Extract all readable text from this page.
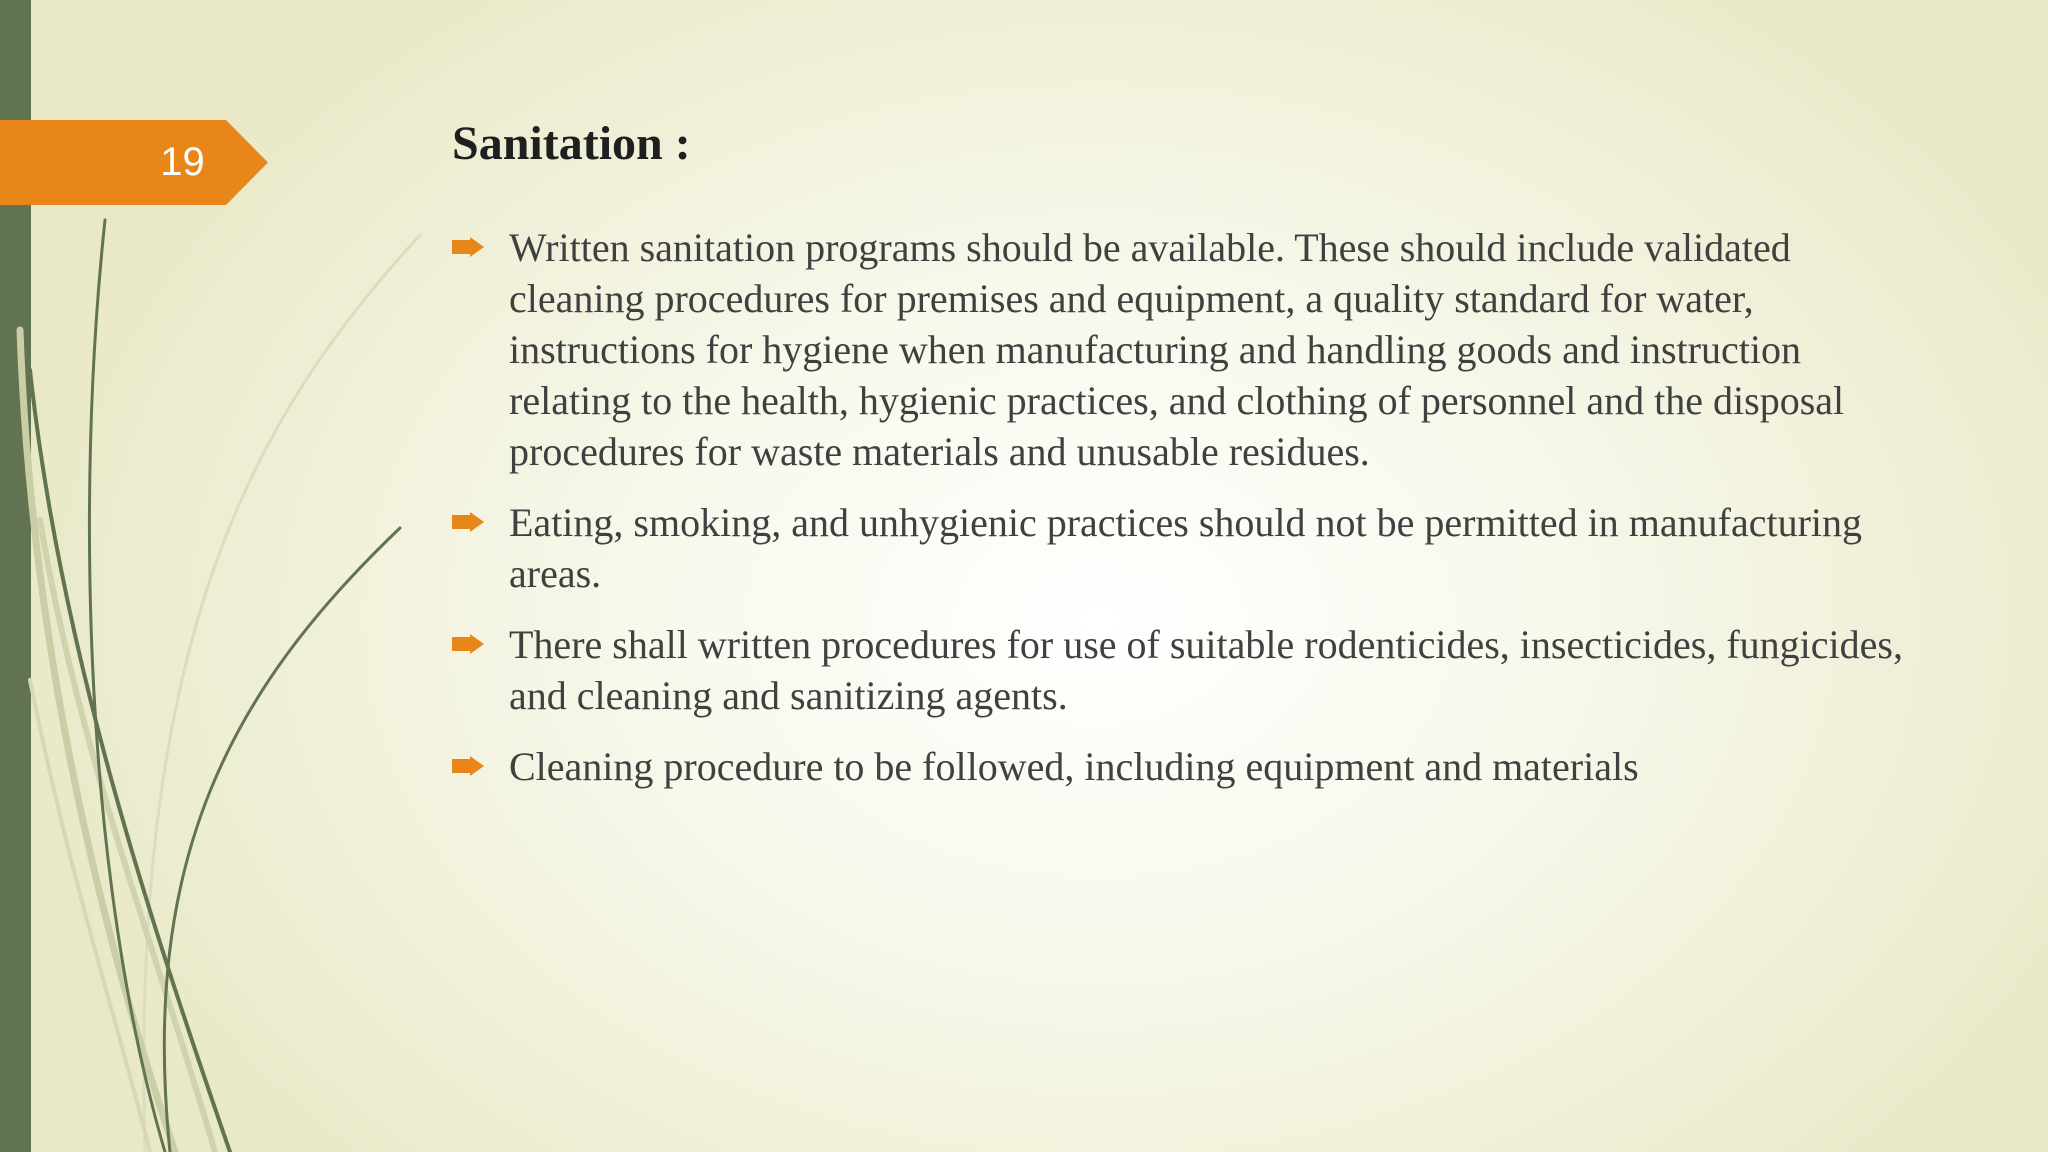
19	Sanitation :
Written sanitation programs should be available. These should include validated cleaning procedures for premises and equipment, a quality standard for water, instructions for hygiene when manufacturing and handling goods and instruction relating to the health, hygienic practices, and clothing of personnel and the disposal procedures for waste materials and unusable residues.
Eating, smoking, and unhygienic practices should not be permitted in manufacturing areas.
There shall written procedures for use of suitable rodenticides, insecticides, fungicides, and cleaning and sanitizing agents.
Cleaning procedure to be followed, including equipment and materials
